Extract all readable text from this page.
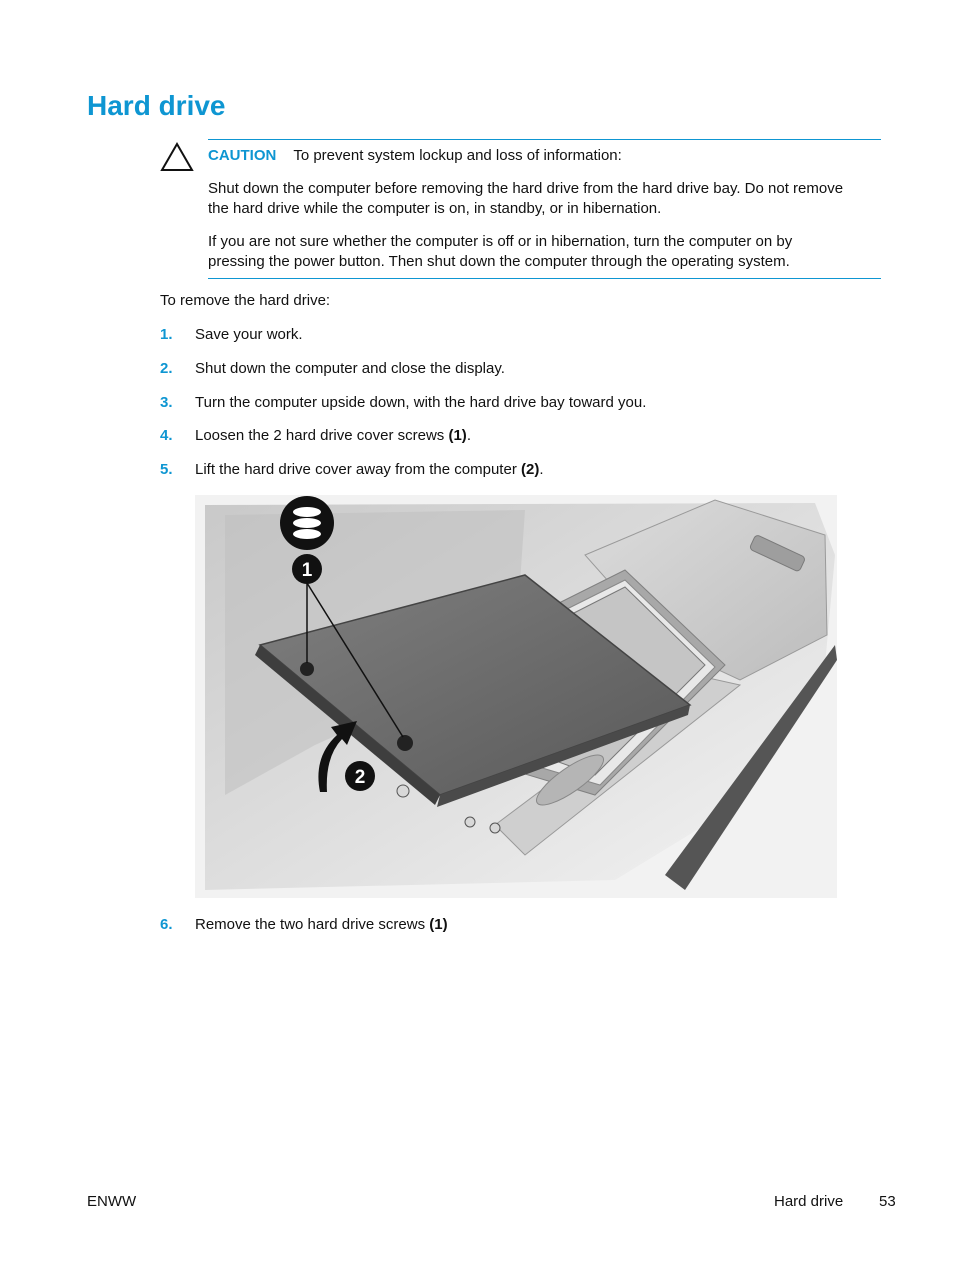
Hard drive
CAUTION To prevent system lockup and loss of information:

Shut down the computer before removing the hard drive from the hard drive bay. Do not remove the hard drive while the computer is on, in standby, or in hibernation.

If you are not sure whether the computer is off or in hibernation, turn the computer on by pressing the power button. Then shut down the computer through the operating system.

To remove the hard drive:

1.	Save your work.
2.	Shut down the computer and close the display.
3.	Turn the computer upside down, with the hard drive bay toward you.
4.	Loosen the 2 hard drive cover screws (1).
5.	Lift the hard drive cover away from the computer (2).
1
2
6.	Remove the two hard drive screws (1)
ENWW	Hard drive 53
